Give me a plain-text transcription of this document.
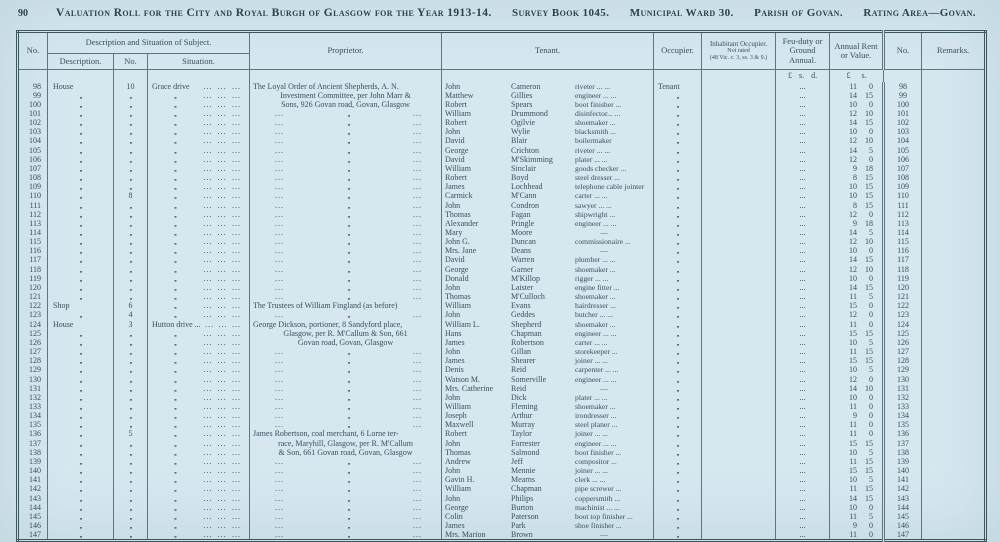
90 Valuation Roll for the City and Royal Burgh of Glasgow for the Year 1913-14. Survey Book 1045. Municipal Ward 30. Parish of Govan. Rating Area—Govan.
No.	Description and Situation of Subject.			Proprietor.	Tenant.	Occupier.	Inhabitant Occupier.
Not rated
(48 Vic. c. 3, ss. 3 & 9.)	Feu-duty or Ground Annual.	Annual Rent or Value.	No.	Remarks.
	Description.	No.	Situation.								
								£ s. d.	£ s.		
98	House	10	Grace drive ... ... ...	The Loyal Order of Ancient Shepherds, A. N.	John Cameron riveter ... ...	Tenant		...	11 0	98	
99	,,	,,	,, ... ... ...	Investment Committee, per John Marr &	Matthew Gillies engineer ... ...	,,		...	14 15	99	
100	,,	,,	,, ... ... ...	Sons, 926 Govan road, Govan, Glasgow	Robert Spears boot finisher ...	,,		...	10 0	100	
101	,,	,,	,, ... ... ...	... ,, ...	William Drummond disinfector... ...	,,		...	12 10	101	
102	,,	,,	,, ... ... ...	... ,, ...	Robert Ogilvie shoemaker ...	,,		...	14 15	102	
103	,,	,,	,, ... ... ...	... ,, ...	John Wylie blacksmith ...	,,		...	10 0	103	
104	,,	,,	,, ... ... ...	... ,, ...	David Blair boilermaker	,,		...	12 10	104	
105	,,	,,	,, ... ... ...	... ,, ...	George Crichton riveter ... ...	,,		...	14 5	105	
106	,,	,,	,, ... ... ...	... ,, ...	David M'Skimming plater ... ...	,,		...	12 0	106	
107	,,	,,	,, ... ... ...	... ,, ...	William Sinclair goods checker ...	,,		...	9 18	107	
108	,,	,,	,, ... ... ...	... ,, ...	Robert Boyd steel dresser ...	,,		...	8 15	108	
109	,,	,,	,, ... ... ...	... ,, ...	James Lochhead telephone cable jointer	,,		...	10 15	109	
110	,,	8	,, ... ... ...	... ,, ...	Carmick M'Cann carter ... ...	,,		...	10 15	110	
111	,,	,,	,, ... ... ...	... ,, ...	John Condron sawyer ... ...	,,		...	8 15	111	
112	,,	,,	,, ... ... ...	... ,, ...	Thomas Fagan shipwright ...	,,		...	12 0	112	
113	,,	,,	,, ... ... ...	... ,, ...	Alexander Pringle engineer ... ...	,,		...	9 18	113	
114	,,	,,	,, ... ... ...	... ,, ...	Mary Moore —	,,		...	14 5	114	
115	,,	,,	,, ... ... ...	... ,, ...	John G. Duncan commissionaire ...	,,		...	12 10	115	
116	,,	,,	,, ... ... ...	... ,, ...	Mrs. Jane Deans —	,,		...	10 0	116	
117	,,	,,	,, ... ... ...	... ,, ...	David Warren plumber ... ...	,,		...	14 15	117	
118	,,	,,	,, ... ... ...	... ,, ...	George Garner shoemaker ...	,,		...	12 10	118	
119	,,	,,	,, ... ... ...	... ,, ...	Donald M'Killop rigger ... ...	,,		...	10 0	119	
120	,,	,,	,, ... ... ...	... ,, ...	John Laister engine fitter ...	,,		...	14 15	120	
121	,,	,,	,, ... ... ...	... ,, ...	Thomas M'Culloch shoemaker ...	,,		...	11 5	121	
122	Shop	6	,, ... ... ...	The Trustees of William Fingland (as before)	William Evans hairdresser ...	,,		...	15 0	122	
123	,,	4	,, ... ... ...	... ,, ...	John Geddes butcher ... ...	,,		...	12 0	123	
124	House	3	Hutton drive ... ... ... ...	George Dickson, portioner, 8 Sandyford place,	William L. Shepherd shoemaker ...	,,		...	11 0	124	
125	,,	,,	,, ... ... ...	Glasgow, per R. M'Callum & Son, 661	Hans Chapman engineer ... ...	,,		...	15 15	125	
126	,,	,,	,, ... ... ...	Govan road, Govan, Glasgow	James Robertson carter ... ...	,,		...	10 5	126	
127	,,	,,	,, ... ... ...	... ,, ...	John Gillan storekeeper ...	,,		...	11 15	127	
128	,,	,,	,, ... ... ...	... ,, ...	James Shearer joiner ... ...	,,		...	15 15	128	
129	,,	,,	,, ... ... ...	... ,, ...	Denis Reid carpenter ... ...	,,		...	10 5	129	
130	,,	,,	,, ... ... ...	... ,, ...	Watson M. Somerville engineer ... ...	,,		...	12 0	130	
131	,,	,,	,, ... ... ...	... ,, ...	Mrs. Catherine Reid —	,,		...	14 10	131	
132	,,	,,	,, ... ... ...	... ,, ...	John Dick plater ... ...	,,		...	10 0	132	
133	,,	,,	,, ... ... ...	... ,, ...	William Fleming shoemaker ...	,,		...	11 0	133	
134	,,	,,	,, ... ... ...	... ,, ...	Joseph Arthur irondresser ...	,,		...	9 0	134	
135	,,	,,	,, ... ... ...	... ,, ...	Maxwell Murray steel planer ...	,,		...	11 0	135	
136	,,	5	,, ... ... ...	James Robertson, coal merchant, 6 Lorne ter-	Robert Taylor joiner ... ...	,,		...	11 0	136	
137	,,	,,	,, ... ... ...	race, Maryhill, Glasgow, per R. M'Callum	John Forrester engineer ... ...	,,		...	15 15	137	
138	,,	,,	,, ... ... ...	& Son, 661 Govan road, Govan, Glasgow	Thomas Salmond boot finisher ...	,,		...	10 5	138	
139	,,	,,	,, ... ... ...	... ,, ...	Andrew Jeff compositor ...	,,		...	11 15	139	
140	,,	,,	,, ... ... ...	... ,, ...	John Mennie joiner ... ...	,,		...	15 15	140	
141	,,	,,	,, ... ... ...	... ,, ...	Gavin H. Mearns clerk ... ...	,,		...	10 5	141	
142	,,	,,	,, ... ... ...	... ,, ...	William Chapman pipe screwer ...	,,		...	11 15	142	
143	,,	,,	,, ... ... ...	... ,, ...	John Philips coppersmith ...	,,		...	14 15	143	
144	,,	,,	,, ... ... ...	... ,, ...	George Burton machinist ... ...	,,		...	10 0	144	
145	,,	,,	,, ... ... ...	... ,, ...	Colin Paterson boot top finisher ...	,,		...	11 5	145	
146	,,	,,	,, ... ... ...	... ,, ...	James Park shoe finisher ...	,,		...	9 0	146	
147	,,	,,	,, ... ... ...	... ,, ...	Mrs. Marion Brown —	,,		...	11 0	147	
